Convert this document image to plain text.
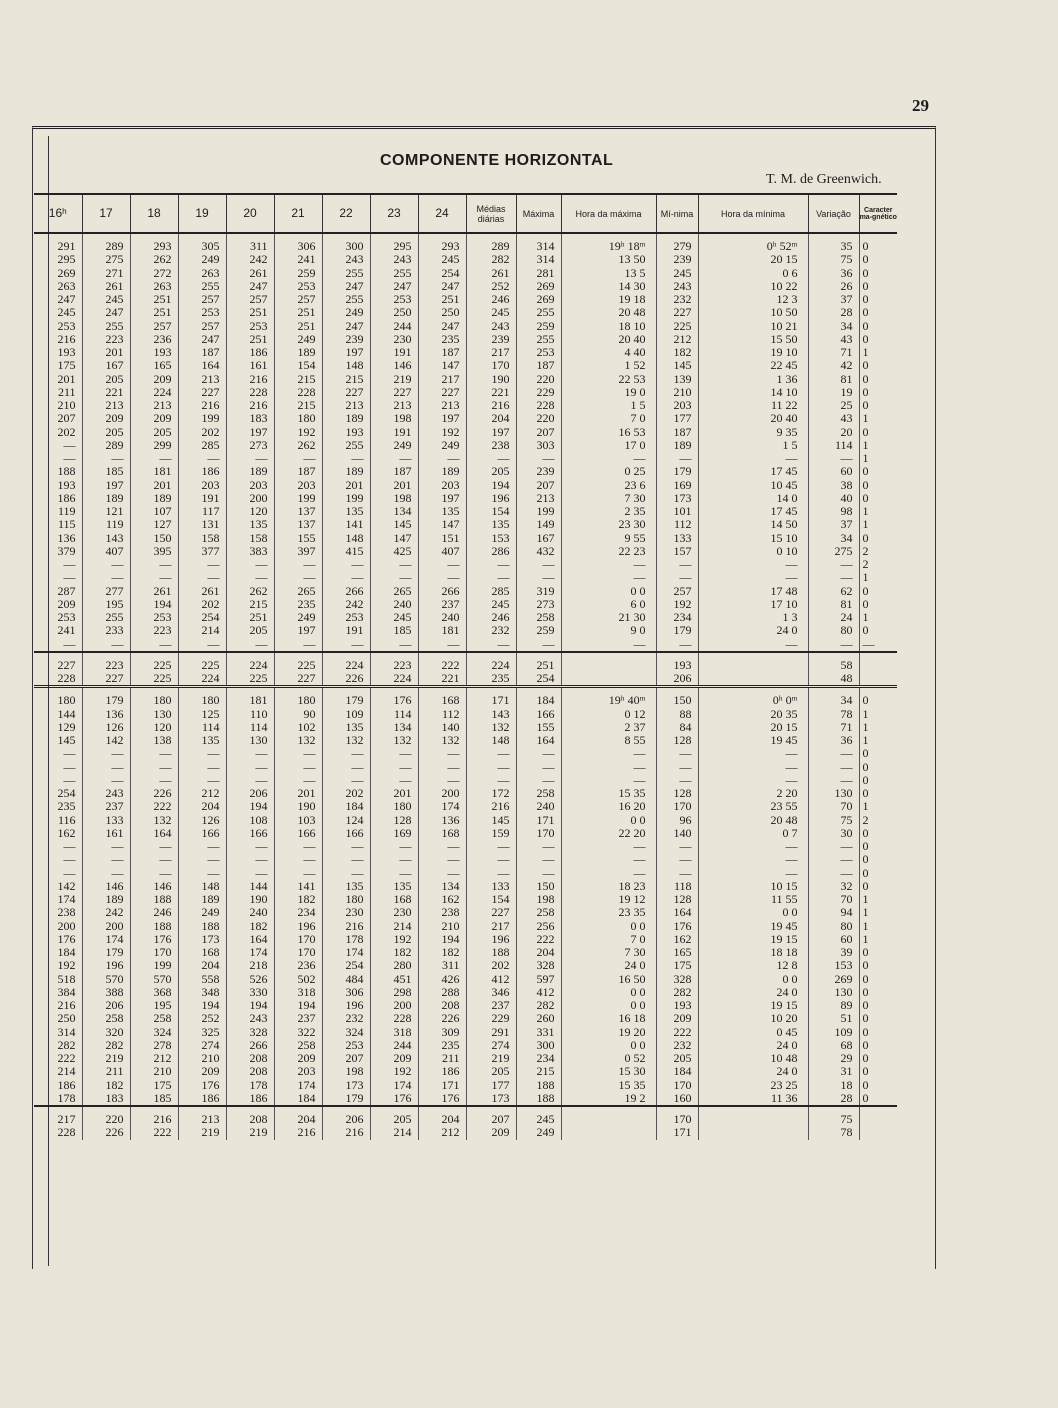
29
COMPONENTE HORIZONTAL
T. M. de Greenwich.
16ʰ	17	18	19	20	21	22	23	24	Médias diárias	Máxima	Hora da máxima	Mí-nima	Hora da mínima	Variação	Caracter ma-gnético

291	289	293	305	311	306	300	295	293	289	314	19ʰ 18ᵐ	279	0ʰ 52ᵐ	35	0
295	275	262	249	242	241	243	243	245	282	314	13 50	239	20 15	75	0
269	271	272	263	261	259	255	255	254	261	281	13 5	245	0 6	36	0
263	261	263	255	247	253	247	247	247	252	269	14 30	243	10 22	26	0
247	245	251	257	257	257	255	253	251	246	269	19 18	232	12 3	37	0
245	247	251	253	251	251	249	250	250	245	255	20 48	227	10 50	28	0
253	255	257	257	253	251	247	244	247	243	259	18 10	225	10 21	34	0
216	223	236	247	251	249	239	230	235	239	255	20 40	212	15 50	43	0
193	201	193	187	186	189	197	191	187	217	253	4 40	182	19 10	71	1
175	167	165	164	161	154	148	146	147	170	187	1 52	145	22 45	42	0
201	205	209	213	216	215	215	219	217	190	220	22 53	139	1 36	81	0
211	221	224	227	228	228	227	227	227	221	229	19 0	210	14 10	19	0
210	213	213	216	216	215	213	213	213	216	228	1 5	203	11 22	25	0
207	209	209	199	183	180	189	198	197	204	220	7 0	177	20 40	43	1
202	205	205	202	197	192	193	191	192	197	207	16 53	187	9 35	20	0
—	289	299	285	273	262	255	249	249	238	303	17 0	189	1 5	114	1
—	—	—	—	—	—	—	—	—	—	—	—	—	—	—	1
188	185	181	186	189	187	189	187	189	205	239	0 25	179	17 45	60	0
193	197	201	203	203	203	201	201	203	194	207	23 6	169	10 45	38	0
186	189	189	191	200	199	199	198	197	196	213	7 30	173	14 0	40	0
119	121	107	117	120	137	135	134	135	154	199	2 35	101	17 45	98	1
115	119	127	131	135	137	141	145	147	135	149	23 30	112	14 50	37	1
136	143	150	158	158	155	148	147	151	153	167	9 55	133	15 10	34	0
379	407	395	377	383	397	415	425	407	286	432	22 23	157	0 10	275	2
—	—	—	—	—	—	—	—	—	—	—	—	—	—	—	2
—	—	—	—	—	—	—	—	—	—	—	—	—	—	—	1
287	277	261	261	262	265	266	265	266	285	319	0 0	257	17 48	62	0
209	195	194	202	215	235	242	240	237	245	273	6 0	192	17 10	81	0
253	255	253	254	251	249	253	245	240	246	258	21 30	234	1 3	24	1
241	233	223	214	205	197	191	185	181	232	259	9 0	179	24 0	80	0
—	—	—	—	—	—	—	—	—	—	—	—	—	—	—	—

227	223	225	225	224	225	224	223	222	224	251		193		58	
228	227	225	224	225	227	226	224	221	235	254		206		48	

180	179	180	180	181	180	179	176	168	171	184	19ʰ 40ᵐ	150	0ʰ 0ᵐ	34	0
144	136	130	125	110	90	109	114	112	143	166	0 12	88	20 35	78	1
129	126	120	114	114	102	135	134	140	132	155	2 37	84	20 15	71	1
145	142	138	135	130	132	132	132	132	148	164	8 55	128	19 45	36	1
—	—	—	—	—	—	—	—	—	—	—	—	—	—	—	0
—	—	—	—	—	—	—	—	—	—	—	—	—	—	—	0
—	—	—	—	—	—	—	—	—	—	—	—	—	—	—	0
254	243	226	212	206	201	202	201	200	172	258	15 35	128	2 20	130	0
235	237	222	204	194	190	184	180	174	216	240	16 20	170	23 55	70	1
116	133	132	126	108	103	124	128	136	145	171	0 0	96	20 48	75	2
162	161	164	166	166	166	166	169	168	159	170	22 20	140	0 7	30	0
—	—	—	—	—	—	—	—	—	—	—	—	—	—	—	0
—	—	—	—	—	—	—	—	—	—	—	—	—	—	—	0
—	—	—	—	—	—	—	—	—	—	—	—	—	—	—	0
142	146	146	148	144	141	135	135	134	133	150	18 23	118	10 15	32	0
174	189	188	189	190	182	180	168	162	154	198	19 12	128	11 55	70	1
238	242	246	249	240	234	230	230	238	227	258	23 35	164	0 0	94	1
200	200	188	188	182	196	216	214	210	217	256	0 0	176	19 45	80	1
176	174	176	173	164	170	178	192	194	196	222	7 0	162	19 15	60	1
184	179	170	168	174	170	174	182	182	188	204	7 30	165	18 18	39	0
192	196	199	204	218	236	254	280	311	202	328	24 0	175	12 8	153	0
518	570	570	558	526	502	484	451	426	412	597	16 50	328	0 0	269	0
384	388	368	348	330	318	306	298	288	346	412	0 0	282	24 0	130	0
216	206	195	194	194	194	196	200	208	237	282	0 0	193	19 15	89	0
250	258	258	252	243	237	232	228	226	229	260	16 18	209	10 20	51	0
314	320	324	325	328	322	324	318	309	291	331	19 20	222	0 45	109	0
282	282	278	274	266	258	253	244	235	274	300	0 0	232	24 0	68	0
222	219	212	210	208	209	207	209	211	219	234	0 52	205	10 48	29	0
214	211	210	209	208	203	198	192	186	205	215	15 30	184	24 0	31	0
186	182	175	176	178	174	173	174	171	177	188	15 35	170	23 25	18	0
178	183	185	186	186	184	179	176	176	173	188	19 2	160	11 36	28	0

217	220	216	213	208	204	206	205	204	207	245		170		75	
228	226	222	219	219	216	216	214	212	209	249		171		78	
